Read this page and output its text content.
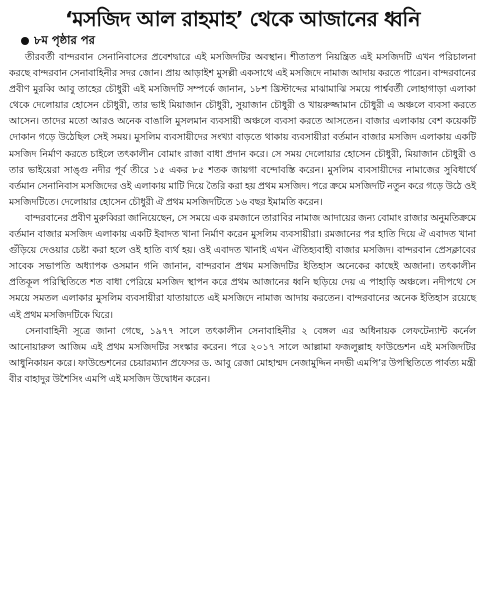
‘মসজিদ আল রাহমাহ’ থেকে আজানের ধ্বনি
৮ম পৃষ্ঠার পর

তীরবর্তী বান্দরবান সেনানিবাসের প্রবেশদ্বারে এই মসজিদটির অবস্থান। শীতাতপ নিয়ন্ত্রিত এই মসজিদটি এখন পরিচালনা করছে বান্দরবান সেনাবাহিনীর সদর জোন। প্রায় আড়াইশ মুসল্লী একসাথে এই মসজিদে নামাজ আদায় করতে পারেন। বান্দরবানের প্রবীণ মুরব্বি আবু তাহের চৌধুরী এই মসজিদটি সম্পর্কে জানান, ১৮শ খ্রিস্টাব্দের মাঝামাঝি সময়ে পার্শ্ববর্তী লোহাগাড়া এলাকা থেকে দেলোয়ার হোসেন চৌধুরী, তার ভাই মিয়াজান চৌধুরী, সুয়াজান চৌধুরী ও খায়রুজ্জামান চৌধুরী এ অঞ্চলে ব্যবসা করতে আসেন। তাদের মতো আরও অনেক বাঙালি মুসলমান ব্যবসায়ী অঞ্চলে ব্যবসা করতে আসতেন। বাজার এলাকায় বেশ কয়েকটি দোকান গড়ে উঠেছিল সেই সময়। মুসলিম ব্যবসায়ীদের সংখ্যা বাড়তে থাকায় ব্যবসায়ীরা বর্তমান বাজার মসজিদ এলাকায় একটি মসজিদ নির্মাণ করতে চাইলে তৎকালীন বোমাং রাজা বাধা প্রদান করে। সে সময় দেলোয়ার হোসেন চৌধুরী, মিয়াজান চৌধুরী ও তার ভাইয়েরা সাঙ্গু নদীর পূর্ব তীরে ১৫ একর ৮৫ শতক জায়গা বন্দোবস্তি করেন। মুসলিম ব্যবসায়ীদের নামাজের সুবিধার্থে বর্তমান সেনানিবাস মসজিদের ওই এলাকায় মাটি দিয়ে তৈরি করা হয় প্রথম মসজিদ। পরে ক্রমে মসজিদটি নতুন করে গড়ে উঠে ওই মসজিদটিতে। দেলোয়ার হোসেন চৌধুরী ঐ প্রথম মসজিদটিতে ১৬ বছর ইমামতি করেন।

বান্দরবানের প্রবীণ মুরুব্বিরা জানিয়েছেন, সে সময়ে এক রমজানে তারাবির নামাজ আদায়ের জন্য বোমাং রাজার অনুমতিক্রমে বর্তমান বাজার মসজিদ এলাকায় একটি ইবাদত খানা নির্মাণ করেন মুসলিম ব্যবসায়ীরা। রমজানের পর হাতি দিয়ে ঐ এবাদত খানা গুঁড়িয়ে দেওয়ার চেষ্টা করা হলে ওই হাতি ব্যর্থ হয়। ওই এবাদত খানাই এখন ঐতিহ্যবাহী বাজার মসজিদ। বান্দরবান প্রেসক্লাবের সাবেক সভাপতি অধ্যাপক ওসমান গনি জানান, বান্দরবান প্রথম মসজিদটির ইতিহাস অনেকের কাছেই অজানা। তৎকালীন প্রতিকূল পরিস্থিতিতে শত বাধা পেরিয়ে মসজিদ স্থাপন করে প্রথম আজানের ধ্বনি ছড়িয়ে দেয় এ পাহাড়ি অঞ্চলে। নদীপথে সে সময়ে সমতল এলাকার মুসলিম ব্যবসায়ীরা যাতায়াতে এই মসজিদে নামাজ আদায় করতেন। বান্দরবানের অনেক ইতিহাস রয়েছে এই প্রথম মসজিদটিকে ঘিরে।

সেনাবাহিনী সূত্রে জানা গেছে, ১৯৭৭ সালে তৎকালীন সেনাবাহিনীর ২ বেঙ্গল এর অধিনায়ক লেফটেন্যান্ট কর্নেল আনোয়ারুল আজিম এই প্রথম মসজিদটির সংস্কার করেন। পরে ২০১৭ সালে আল্লামা ফজলুল্লাহ ফাউন্ডেশন এই মসজিদটির আধুনিকায়ন করে। ফাউন্ডেশনের চেয়ারম্যান প্রফেসর ড. আবু রেজা মোহাম্মদ নেজামুদ্দিন নদভী এমপি’র উপস্থিতিতে পার্বত্য মন্ত্রী বীর বাহাদুর উশৈসিং এমপি এই মসজিদ উদ্বোধন করেন।
